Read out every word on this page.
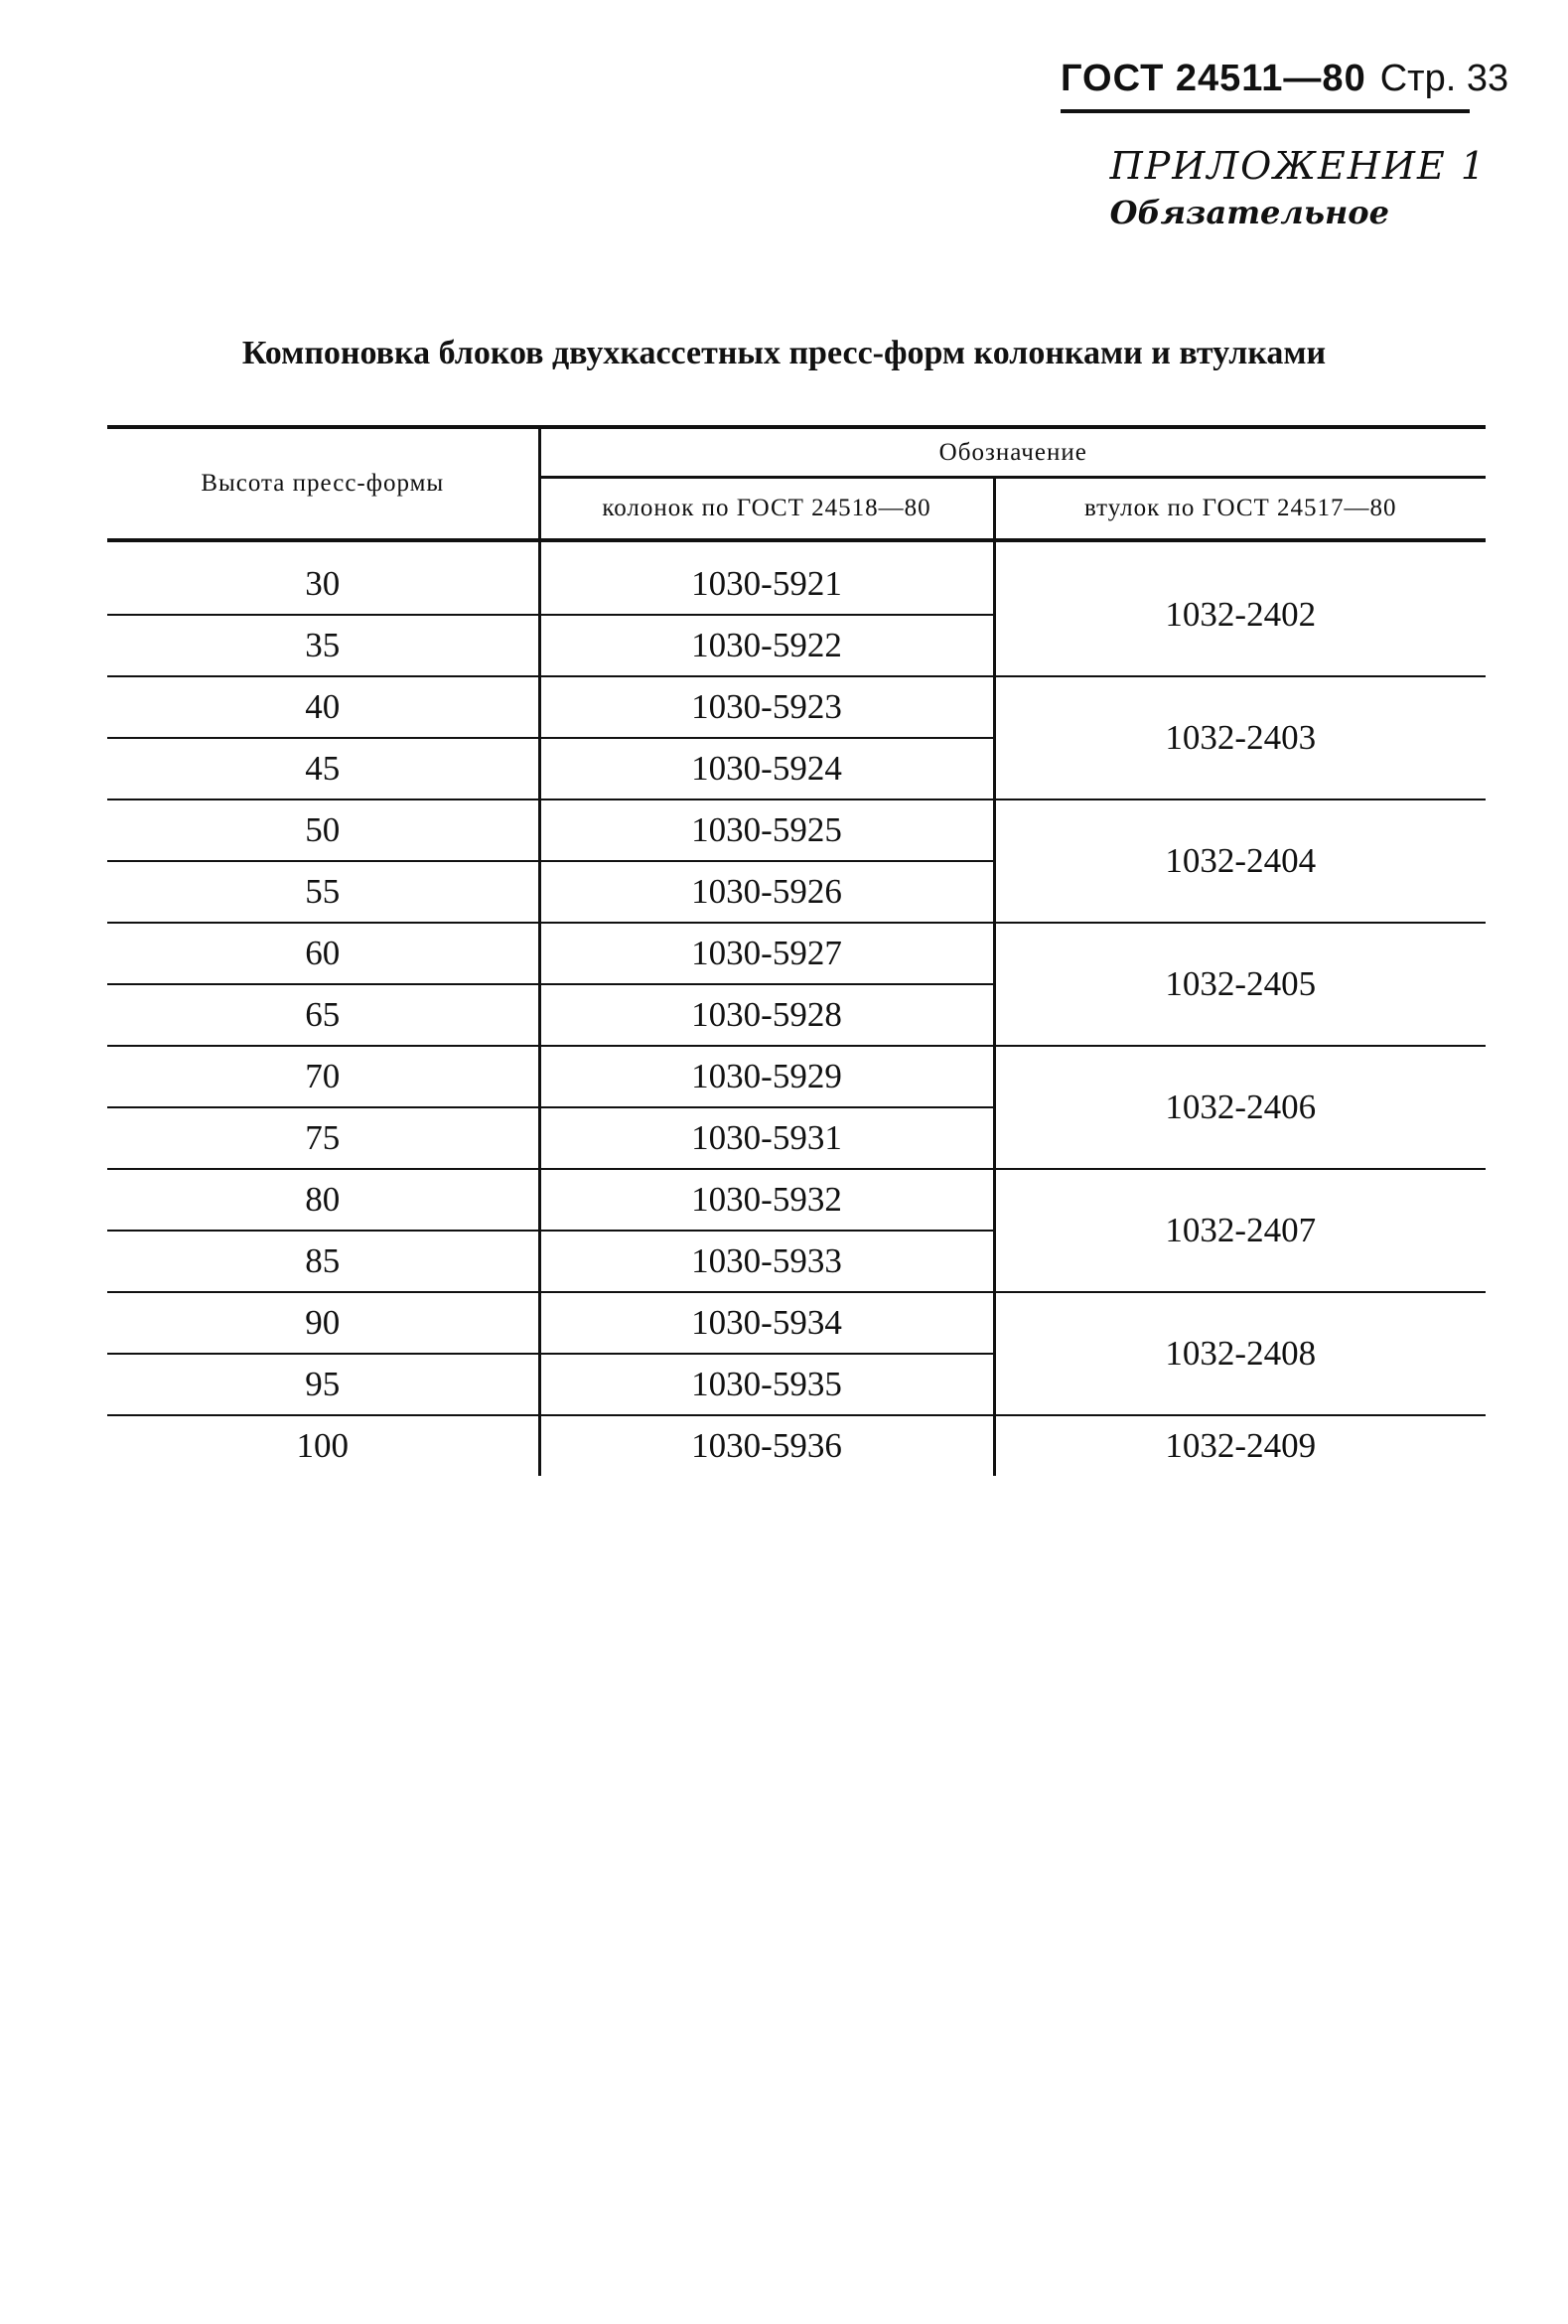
ГОСТ 24511—80 Стр. 33
ПРИЛОЖЕНИЕ 1
Обязательное
Компоновка блоков двухкассетных пресс-форм колонками и втулками
Высота пресс-формы	Обозначение	
	колонок по ГОСТ 24518—80	втулок по ГОСТ 24517—80
30	1030-5921	1032-2402
35	1030-5922	
40	1030-5923	1032-2403
45	1030-5924	
50	1030-5925	1032-2404
55	1030-5926	
60	1030-5927	1032-2405
65	1030-5928	
70	1030-5929	1032-2406
75	1030-5931	
80	1030-5932	1032-2407
85	1030-5933	
90	1030-5934	1032-2408
95	1030-5935	
100	1030-5936	1032-2409
